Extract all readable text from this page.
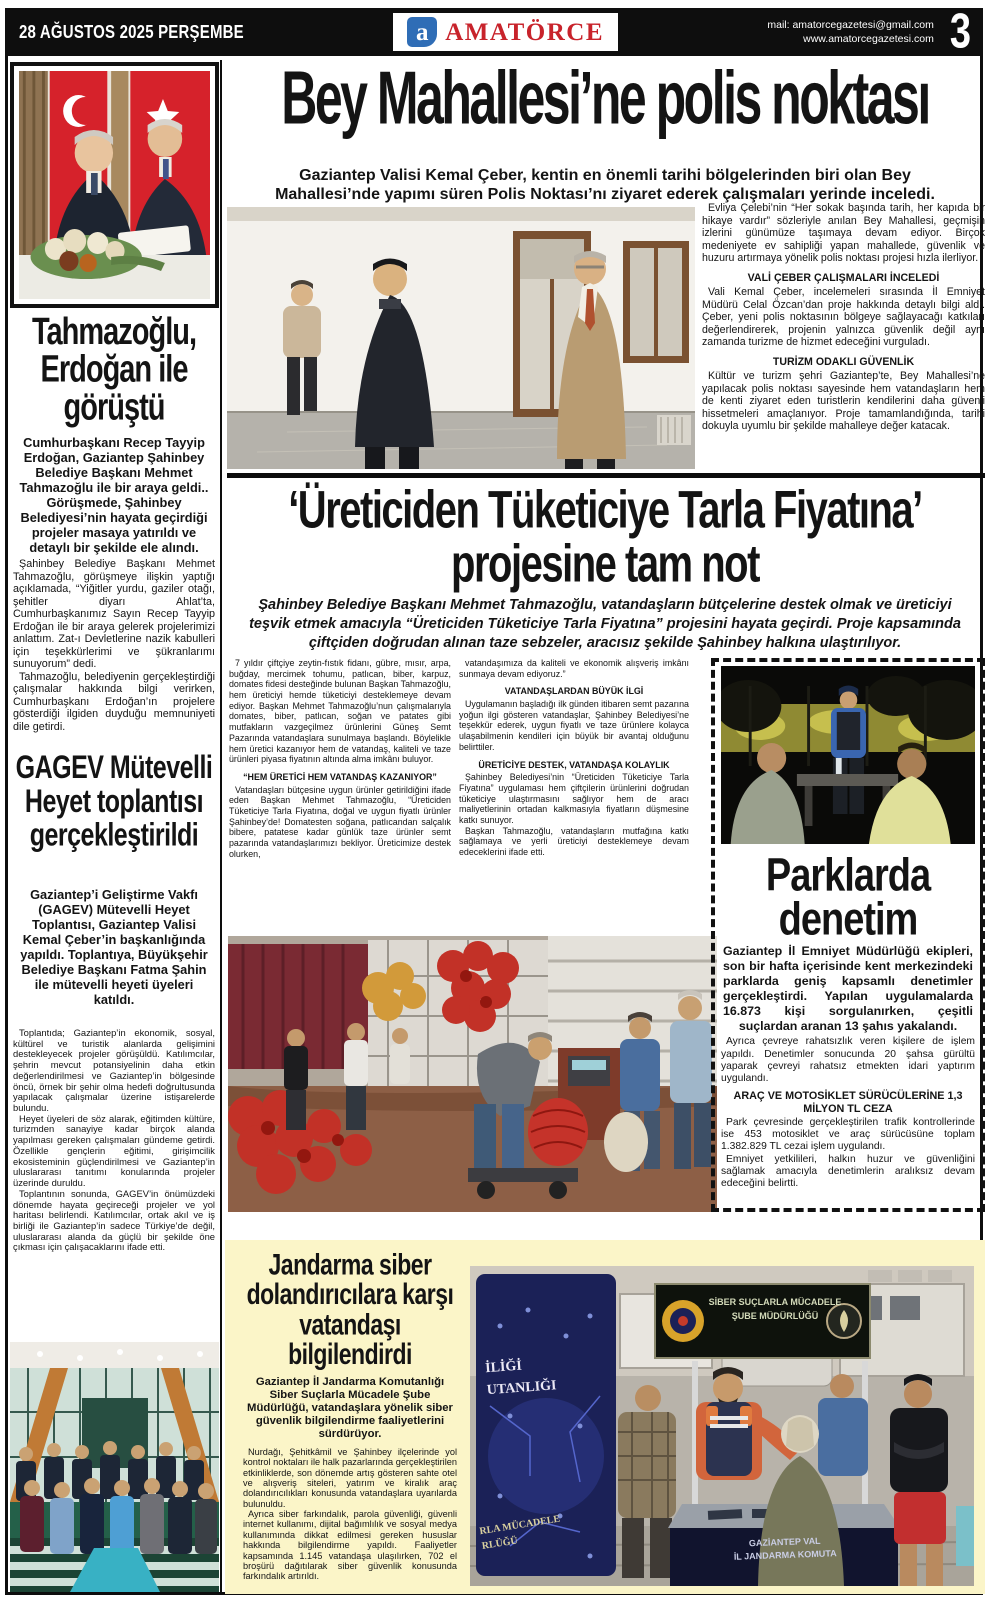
28 AĞUSTOS 2025 PERŞEMBE	a AMATÖRCE	mail: amatorcegazetesi@gmail.com
www.amatorcegazetesi.com 3
Tahmazoğlu, Erdoğan ile görüştü
Cumhurbaşkanı Recep Tayyip Erdoğan, Gaziantep Şahinbey Belediye Başkanı Mehmet Tahmazoğlu ile bir araya geldi.. Görüşmede, Şahinbey Belediyesi’nin hayata geçirdiği projeler masaya yatırıldı ve detaylı bir şekilde ele alındı.

Şahinbey Belediye Başkanı Mehmet Tahmazoğlu, görüşmeye ilişkin yaptığı açıklamada, “Yiğitler yurdu, gaziler otağı, şehitler diyarı Ahlat’ta, Cumhurbaşkanımız Sayın Recep Tayyip Erdoğan ile bir araya gelerek projelerimizi anlattım. Zat-ı Devletlerine nazik kabulleri için teşekkürlerimi ve şükranlarımı sunuyorum” dedi.

Tahmazoğlu, belediyenin gerçekleştirdiği çalışmalar hakkında bilgi verirken, Cumhurbaşkanı Erdoğan’ın projelere gösterdiği ilgiden duyduğu memnuniyeti dile getirdi.

GAGEV Mütevelli Heyet toplantısı gerçekleştirildi
Gaziantep’i Geliştirme Vakfı (GAGEV) Mütevelli Heyet Toplantısı, Gaziantep Valisi Kemal Çeber’in başkanlığında yapıldı. Toplantıya, Büyükşehir Belediye Başkanı Fatma Şahin ile mütevelli heyeti üyeleri katıldı.

Toplantıda; Gaziantep’in ekonomik, sosyal, kültürel ve turistik alanlarda gelişimini destekleyecek projeler görüşüldü. Katılımcılar, şehrin mevcut potansiyelinin daha etkin değerlendirilmesi ve Gaziantep’in bölgesinde öncü, örnek bir şehir olma hedefi doğrultusunda yapılacak çalışmalar üzerine istişarelerde bulundu.

Heyet üyeleri de söz alarak, eğitimden kültüre, turizmden sanayiye kadar birçok alanda yapılması gereken çalışmaları gündeme getirdi. Özellikle gençlerin eğitimi, girişimcilik ekosisteminin güçlendirilmesi ve Gaziantep’in uluslararası tanıtımı konularında projeler üzerinde duruldu.

Toplantının sonunda, GAGEV’in önümüzdeki dönemde hayata geçireceği projeler ve yol haritası belirlendi. Katılımcılar, ortak akıl ve iş birliği ile Gaziantep’in sadece Türkiye’de değil, uluslararası alanda da güçlü bir şekilde öne çıkması için çalışacaklarını ifade etti.

Bey Mahallesi’ne polis noktası
Gaziantep Valisi Kemal Çeber, kentin en önemli tarihi bölgelerinden biri olan Bey Mahallesi’nde yapımı süren Polis Noktası’nı ziyaret ederek çalışmaları yerinde inceledi.

Evliya Çelebi’nin “Her sokak başında tarih, her kapıda bir hikaye vardır” sözleriyle anılan Bey Mahallesi, geçmişin izlerini günümüze taşımaya devam ediyor. Birçok medeniyete ev sahipliği yapan mahallede, güvenlik ve huzuru artırmaya yönelik polis noktası projesi hızla ilerliyor.

VALİ ÇEBER ÇALIŞMALARI İNCELEDİ

Vali Kemal Çeber, incelemeleri sırasında İl Emniyet Müdürü Celal Özcan’dan proje hakkında detaylı bilgi aldı. Çeber, yeni polis noktasının bölgeye sağlayacağı katkıları değerlendirerek, projenin yalnızca güvenlik değil aynı zamanda turizme de hizmet edeceğini vurguladı.

TURİZM ODAKLI GÜVENLİK

Kültür ve turizm şehri Gaziantep’te, Bey Mahallesi’ne yapılacak polis noktası sayesinde hem vatandaşların hem de kenti ziyaret eden turistlerin kendilerini daha güvenli hissetmeleri amaçlanıyor. Proje tamamlandığında, tarihi dokuyla uyumlu bir şekilde mahalleye değer katacak.

‘Üreticiden Tüketiciye Tarla Fiyatına’ projesine tam not
Şahinbey Belediye Başkanı Mehmet Tahmazoğlu, vatandaşların bütçelerine destek olmak ve üreticiyi teşvik etmek amacıyla “Üreticiden Tüketiciye Tarla Fiyatına” projesini hayata geçirdi. Proje kapsamında çiftçiden doğrudan alınan taze sebzeler, aracısız şekilde Şahinbey halkına ulaştırılıyor.

7 yıldır çiftçiye zeytin-fıstık fidanı, gübre, mısır, arpa, buğday, mercimek tohumu, patlıcan, biber, karpuz, domates fidesi desteğinde bulunan Başkan Tahmazoğlu, hem üreticiyi hemde tüketiciyi desteklemeye devam ediyor. Başkan Mehmet Tahmazoğlu’nun çalışmalarıyla domates, biber, patlıcan, soğan ve patates gibi mutfakların vazgeçilmez ürünlerini Güneş Semt Pazarında vatandaşlara sunulmaya başlandı. Böylelikle hem üretici kazanıyor hem de vatandaş, kaliteli ve taze ürünleri piyasa fiyatının altında alma imkânı buluyor.

“HEM ÜRETİCİ HEM VATANDAŞ KAZANIYOR”

Vatandaşları bütçesine uygun ürünler getirildiğini ifade eden Başkan Mehmet Tahmazoğlu, “Üreticiden Tüketiciye Tarla Fiyatına, doğal ve uygun fiyatlı ürünler Şahinbey’de! Domatesten soğana, patlıcandan salçalık bibere, patatese kadar günlük taze ürünler semt pazarında vatandaşlarımızı bekliyor. Üreticimize destek olurken,

vatandaşımıza da kaliteli ve ekonomik alışveriş imkânı sunmaya devam ediyoruz.”

VATANDAŞLARDAN BÜYÜK İLGİ

Uygulamanın başladığı ilk günden itibaren semt pazarına yoğun ilgi gösteren vatandaşlar, Şahinbey Belediyesi’ne teşekkür ederek, uygun fiyatlı ve taze ürünlere kolayca ulaşabilmenin kendileri için büyük bir avantaj olduğunu belirttiler.

ÜRETİCİYE DESTEK, VATANDAŞA KOLAYLIK

Şahinbey Belediyesi’nin “Üreticiden Tüketiciye Tarla Fiyatına” uygulaması hem çiftçilerin ürünlerini doğrudan tüketiciye ulaştırmasını sağlıyor hem de aracı maliyetlerinin ortadan kalkmasıyla fiyatların düşmesine katkı sunuyor.

Başkan Tahmazoğlu, vatandaşların mutfağına katkı sağlamaya ve yerli üreticiyi desteklemeye devam edeceklerini ifade etti.	Parklarda denetim
Gaziantep İl Emniyet Müdürlüğü ekipleri, son bir hafta içerisinde kent merkezindeki parklarda geniş kapsamlı denetimler gerçekleştirdi. Yapılan uygulamalarda 16.873 kişi sorgulanırken, çeşitli suçlardan aranan 13 şahıs yakalandı.

Ayrıca çevreye rahatsızlık veren kişilere de işlem yapıldı. Denetimler sonucunda 20 şahsa gürültü yaparak çevreyi rahatsız etmekten idari yaptırım uygulandı.

ARAÇ VE MOTOSİKLET SÜRÜCÜLERİNE 1,3 MİLYON TL CEZA

Park çevresinde gerçekleştirilen trafik kontrollerinde ise 453 motosiklet ve araç sürücüsüne toplam 1.382.829 TL cezai işlem uygulandı.

Emniyet yetkilileri, halkın huzur ve güvenliğini sağlamak amacıyla denetimlerin aralıksız devam edeceğini belirtti.

Jandarma siber dolandırıcılara karşı vatandaşı bilgilendirdi
Gaziantep İl Jandarma Komutanlığı Siber Suçlarla Mücadele Şube Müdürlüğü, vatandaşlara yönelik siber güvenlik bilgilendirme faaliyetlerini sürdürüyor.

Nurdağı, Şehitkâmil ve Şahinbey ilçelerinde yol kontrol noktaları ile halk pazarlarında gerçekleştirilen etkinliklerde, son dönemde artış gösteren sahte otel ve alışveriş siteleri, yatırım ve kiralık araç dolandırıcılıkları konusunda vatandaşlara uyarılarda bulunuldu.

Ayrıca siber farkındalık, parola güvenliği, güvenli internet kullanımı, dijital bağımlılık ve sosyal medya kullanımında dikkat edilmesi gereken hususlar hakkında bilgilendirme yapıldı. Faaliyetler kapsamında 1.145 vatandaşa ulaşılırken, 702 el broşürü dağıtılarak siber güvenlik konusunda farkındalık artırıldı.

SİBER SUÇLARLA MÜCADELE
ŞUBE MÜDÜRLÜĞÜ
GAZİANTEP VAL
İL JANDARMA KOMUTA
İLİĞİ
UTANLIĞI
RLA MÜCADELE
RLÜĞÜ
